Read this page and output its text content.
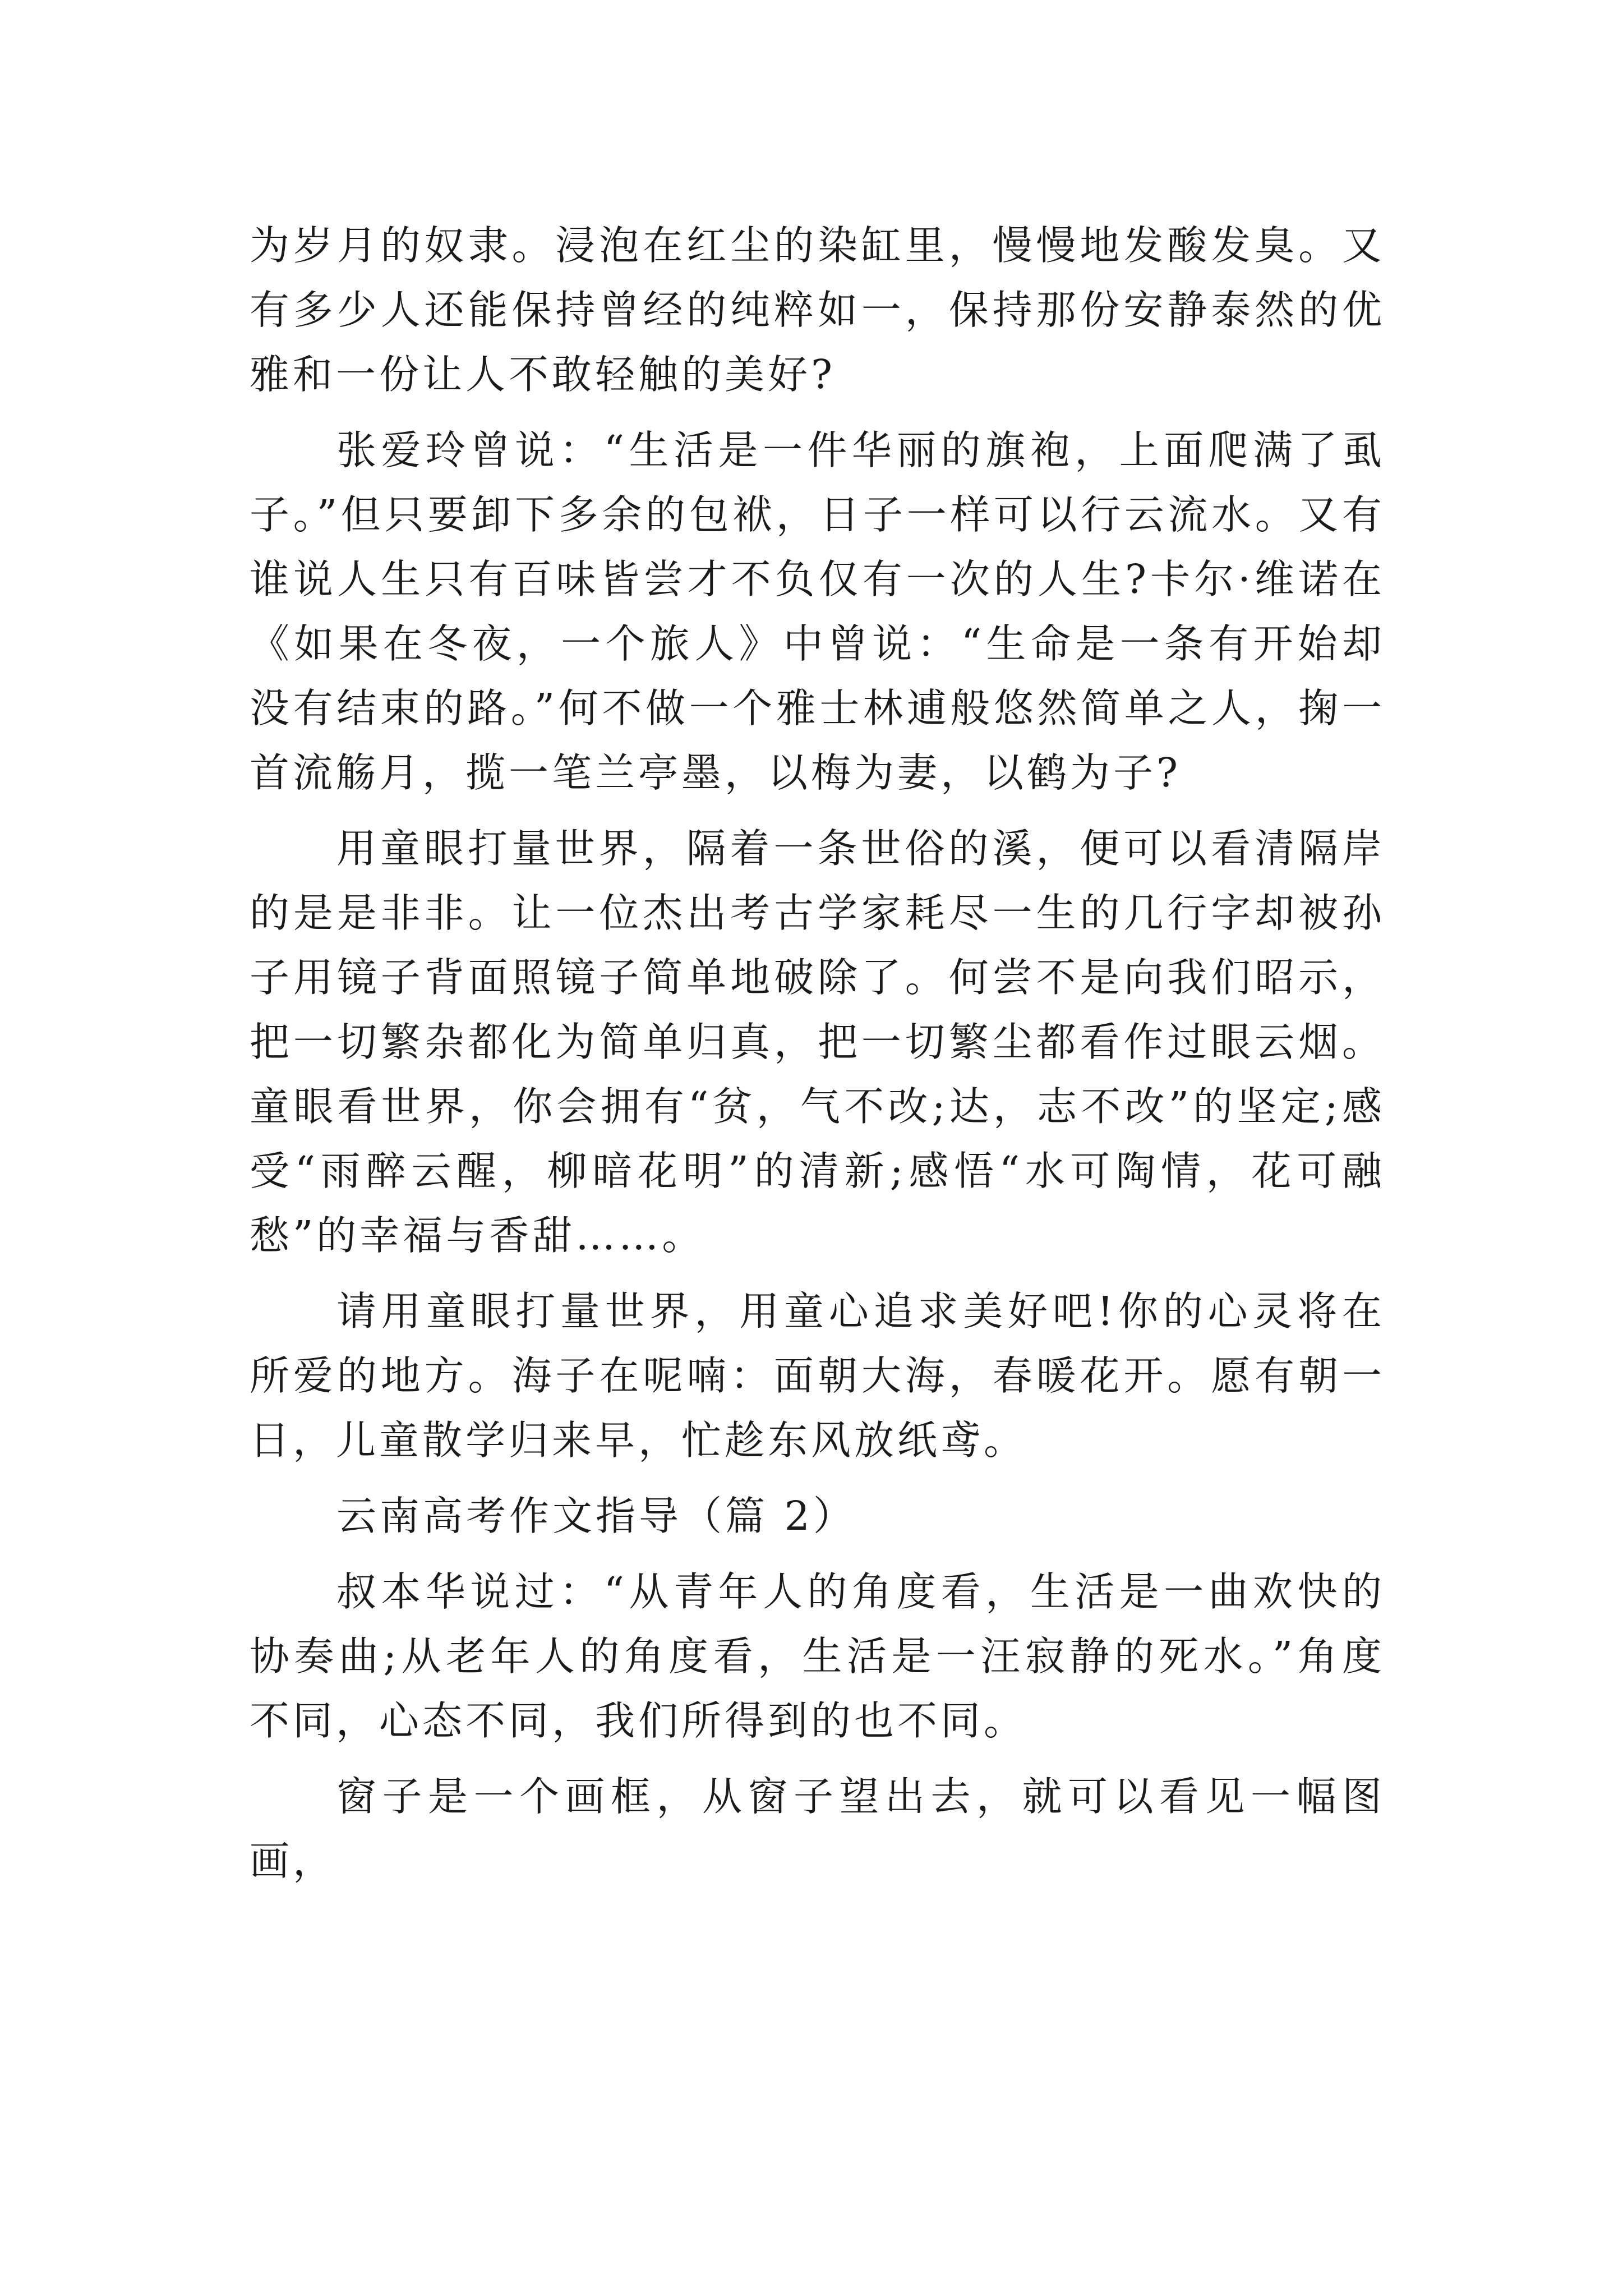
为岁月的奴隶。浸泡在红尘的染缸里，慢慢地发酸发臭。又有多少人还能保持曾经的纯粹如一，保持那份安静泰然的优雅和一份让人不敢轻触的美好?

张爱玲曾说：“生活是一件华丽的旗袍，上面爬满了虱子。”但只要卸下多余的包袱，日子一样可以行云流水。又有谁说人生只有百味皆尝才不负仅有一次的人生?卡尔·维诺在《如果在冬夜，一个旅人》中曾说：“生命是一条有开始却没有结束的路。”何不做一个雅士林逋般悠然简单之人，掬一首流觞月，揽一笔兰亭墨，以梅为妻，以鹤为子?

用童眼打量世界，隔着一条世俗的溪，便可以看清隔岸的是是非非。让一位杰出考古学家耗尽一生的几行字却被孙子用镜子背面照镜子简单地破除了。何尝不是向我们昭示，把一切繁杂都化为简单归真，把一切繁尘都看作过眼云烟。童眼看世界，你会拥有“贫，气不改;达，志不改”的坚定;感受“雨醉云醒，柳暗花明”的清新;感悟“水可陶情，花可融愁”的幸福与香甜……。

请用童眼打量世界，用童心追求美好吧!你的心灵将在所爱的地方。海子在呢喃：面朝大海，春暖花开。愿有朝一日，儿童散学归来早，忙趁东风放纸鸢。

云南高考作文指导（篇 2）

叔本华说过：“从青年人的角度看，生活是一曲欢快的协奏曲;从老年人的角度看，生活是一汪寂静的死水。”角度不同，心态不同，我们所得到的也不同。

窗子是一个画框，从窗子望出去，就可以看见一幅图画，
